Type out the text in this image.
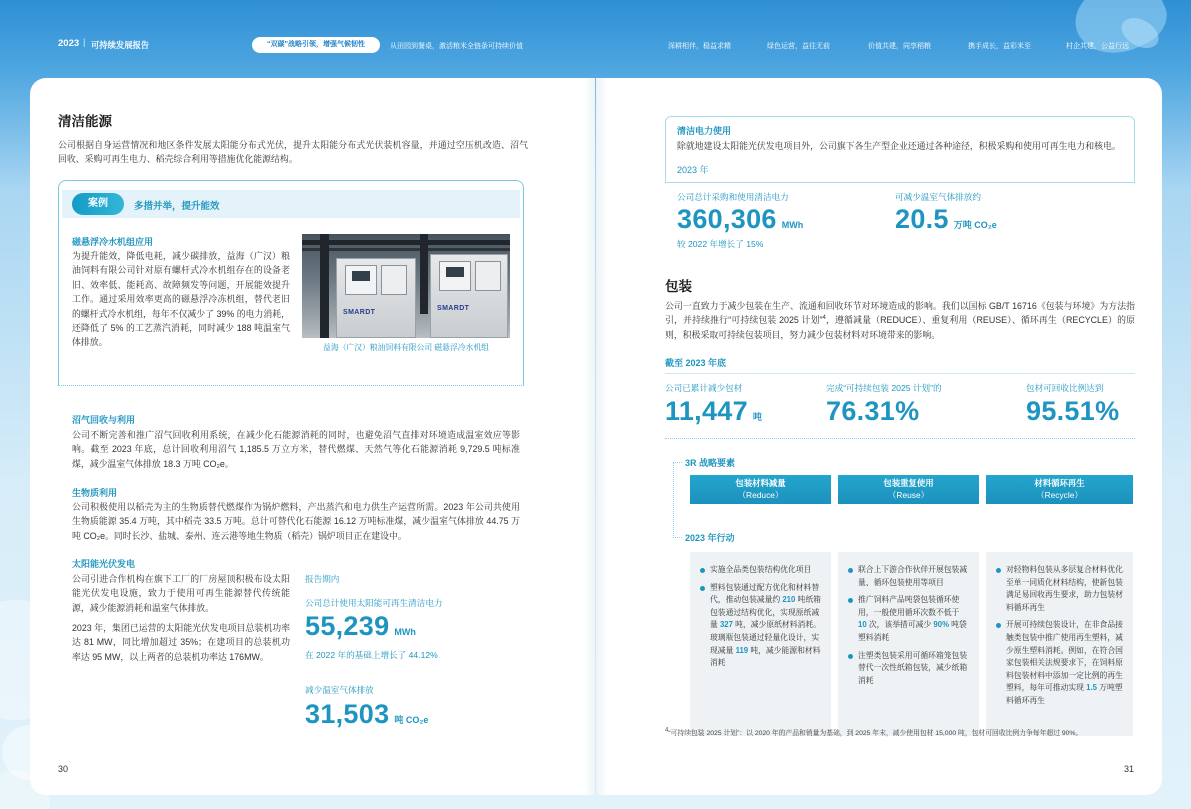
2023 | 可持续发展报告	“双碳”战略引领，增强气候韧性	从田园到餐桌，激活粮米全链条可持续价值	深耕相伴，稳益求精	绿色运营，益往无前	价值共建，同享稻粮	携手成长，益彩米至	村企共建，公益行远
清洁能源
公司根据自身运营情况和地区条件发展太阳能分布式光伏，提升太阳能分布式光伏装机容量，并通过空压机改造、沼气回收、采购可再生电力、稻壳综合利用等措施优化能源结构。
案例	多措并举，提升能效
磁悬浮冷水机组应用
为提升能效，降低电耗，减少碳排放，益海（广汉）粮油饲料有限公司针对原有螺杆式冷水机组存在的设备老旧、效率低、能耗高、故障频发等问题，开展能效提升工作。通过采用效率更高的磁悬浮冷冻机组，替代老旧的螺杆式冷水机组，每年不仅减少了 39% 的电力消耗，还降低了 5% 的工艺蒸汽消耗，同时减少 188 吨温室气体排放。
SMARDT
SMARDT
益海（广汉）粮油饲料有限公司 磁悬浮冷水机组
沼气回收与利用
公司不断完善和推广沼气回收利用系统，在减少化石能源消耗的同时，也避免沼气直排对环境造成温室效应等影响。截至 2023 年底，总计回收利用沼气 1,185.5 万立方米，替代燃煤、天然气等化石能源消耗 9,729.5 吨标准煤，减少温室气体排放 18.3 万吨 CO₂e。
生物质利用
公司积极使用以稻壳为主的生物质替代燃煤作为锅炉燃料，产出蒸汽和电力供生产运营所需。2023 年公司共使用生物质能源 35.4 万吨，其中稻壳 33.5 万吨。总计可替代化石能源 16.12 万吨标准煤，减少温室气体排放 44.75 万吨 CO₂e。同时长沙、盐城、泰州、连云港等地生物质（稻壳）锅炉项目正在建设中。
太阳能光伏发电
公司引进合作机构在旗下工厂的厂房屋顶积极布设太阳能光伏发电设施，致力于使用可再生能源替代传统能源，减少能源消耗和温室气体排放。
2023 年，集团已运营的太阳能光伏发电项目总装机功率达 81 MW，同比增加超过 35%；在建项目的总装机功率达 95 MW，以上两者的总装机功率达 176MW。
报告期内
公司总计使用太阳能可再生清洁电力
55,239 MWh
在 2022 年的基础上增长了 44.12%
减少温室气体排放
31,503 吨 CO₂e
30
清洁电力使用
除就地建设太阳能光伏发电项目外，公司旗下各生产型企业还通过各种途径，积极采购和使用可再生电力和核电。
2023 年
公司总计采购和使用清洁电力
360,306 MWh
较 2022 年增长了 15%
可减少温室气体排放约
20.5 万吨 CO₂e
包装
公司一直致力于减少包装在生产、流通和回收环节对环境造成的影响。我们以国标 GB/T 16716《包装与环境》为方法指引，并持续推行“可持续包装 2025 计划”$^4$，遵循减量（REDUCE）、重复利用（REUSE）、循环再生（RECYCLE）的原则，积极采取可持续包装项目，努力减少包装材料对环境带来的影响。
截至 2023 年底
公司已累计减少包材
11,447 吨
完成“可持续包装 2025 计划”的
76.31%
包材可回收比例达到
95.51%
3R 战略要素
包装材料减量
（Reduce）
包装重复使用
（Reuse）
材料循环再生
（Recycle）
2023 年行动
实施全品类包装结构优化项目
塑料包装通过配方优化和材料替代，推动包装减量约 210 吨纸箱包装通过结构优化，实现原纸减量 327 吨，减少原纸材料消耗。玻璃瓶包装通过轻量化设计，实现减量 119 吨，减少能源和材料消耗
联合上下游合作伙伴开展包装减量、循环包装使用等项目
推广饲料产品吨袋包装循环使用，一般使用循环次数不低于 10 次，该举措可减少 90% 吨袋塑料消耗
注塑类包装采用可循环箱笼包装替代一次性纸箱包装，减少纸箱消耗
对轻物料包装从多层复合材料优化至单一同质化材料结构，使新包装满足易回收再生要求，助力包装材料循环再生
开展可持续包装设计，在非食品接触类包装中推广使用再生塑料，减少原生塑料消耗。例如，在符合国家包装相关法规要求下，在饲料原料包装材料中添加一定比例的再生塑料，每年可推动实现 1.5 万吨塑料循环再生
$^4$“可持续包装 2025 计划”：以 2020 年的产品和销量为基础，到 2025 年末，减少使用包材 15,000 吨，包材可回收比例力争每年超过 90%。
31
